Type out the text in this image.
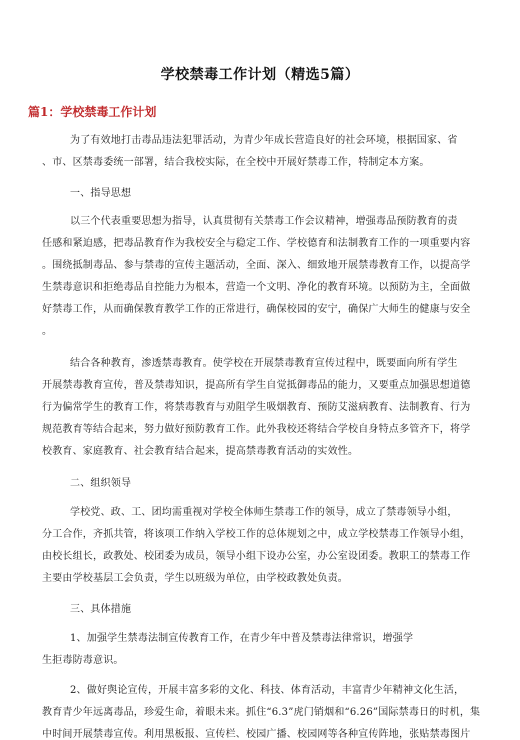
学校禁毒工作计划（精选5篇）
篇1：学校禁毒工作计划
为了有效地打击毒品违法犯罪活动，为青少年成长营造良好的社会环境，根据国家、省
、市、区禁毒委统一部署，结合我校实际，在全校中开展好禁毒工作，特制定本方案。
一、指导思想
以三个代表重要思想为指导，认真贯彻有关禁毒工作会议精神，增强毒品预防教育的责
任感和紧迫感，把毒品教育作为我校安全与稳定工作、学校德育和法制教育工作的一项重要内容
。围绕抵制毒品、参与禁毒的宣传主题活动，全面、深入、细致地开展禁毒教育工作，以提高学
生禁毒意识和拒绝毒品自控能力为根本，营造一个文明、净化的教育环境。以预防为主，全面做
好禁毒工作，从而确保教育教学工作的正常进行，确保校园的安宁，确保广大师生的健康与安全
。
结合各种教育，渗透禁毒教育。使学校在开展禁毒教育宣传过程中，既要面向所有学生
开展禁毒教育宣传，普及禁毒知识，提高所有学生自觉抵御毒品的能力，又要重点加强思想道德
行为偏常学生的教育工作，将禁毒教育与劝阻学生吸烟教育、预防艾滋病教育、法制教育、行为
规范教育等结合起来，努力做好预防教育工作。此外我校还将结合学校自身特点多管齐下，将学
校教育、家庭教育、社会教育结合起来，提高禁毒教育活动的实效性。
二、组织领导
学校党、政、工、团均需重视对学校全体师生禁毒工作的领导，成立了禁毒领导小组，
分工合作，齐抓共管，将该项工作纳入学校工作的总体规划之中，成立学校禁毒工作领导小组，
由校长组长，政教处、校团委为成员，领导小组下设办公室，办公室设团委。教职工的禁毒工作
主要由学校基层工会负责，学生以班级为单位，由学校政教处负责。
三、具体措施
1、加强学生禁毒法制宣传教育工作，在青少年中普及禁毒法律常识，增强学
生拒毒防毒意识。
2、做好舆论宣传，开展丰富多彩的文化、科技、体育活动，丰富青少年精神文化生活，
教育青少年远离毒品，珍爱生命，着眼未来。抓住“6.3”虎门销烟和“6.26”国际禁毒日的时机，集
中时间开展禁毒宣传。利用黑板报、宣传栏、校园广播、校园网等各种宣传阵地，张贴禁毒图片
